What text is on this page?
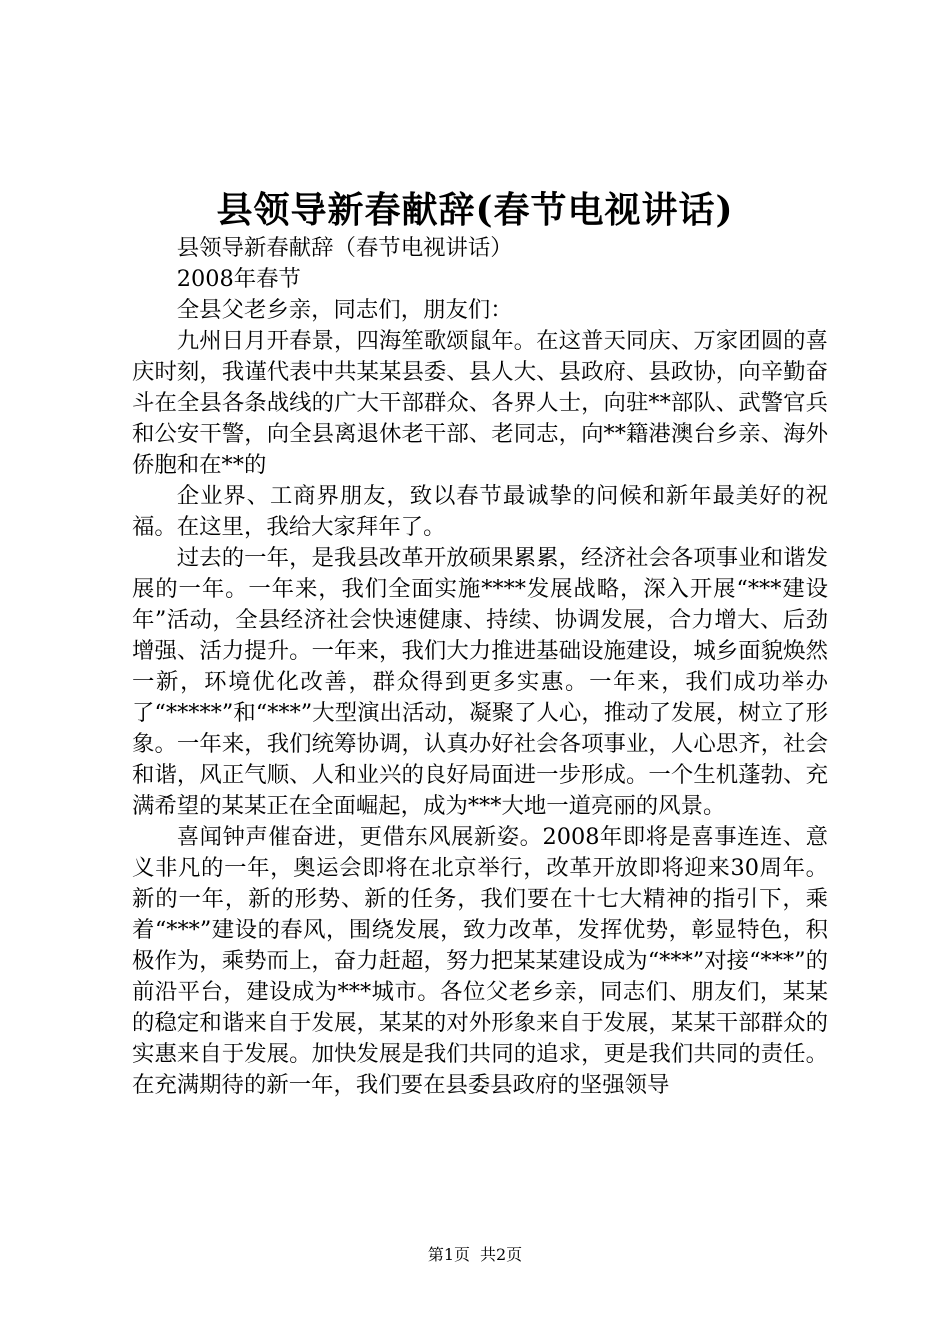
县领导新春献辞(春节电视讲话)

县领导新春献辞（春节电视讲话）

2008年春节

全县父老乡亲，同志们，朋友们：

九州日月开春景，四海笙歌颂鼠年。在这普天同庆、万家团圆的喜庆时刻，我谨代表中共某某县委、县人大、县政府、县政协，向辛勤奋斗在全县各条战线的广大干部群众、各界人士，向驻**部队、武警官兵和公安干警，向全县离退休老干部、老同志，向**籍港澳台乡亲、海外侨胞和在**的

企业界、工商界朋友，致以春节最诚挚的问候和新年最美好的祝福。在这里，我给大家拜年了。

过去的一年，是我县改革开放硕果累累，经济社会各项事业和谐发展的一年。一年来，我们全面实施****发展战略，深入开展“***建设年”活动，全县经济社会快速健康、持续、协调发展，合力增大、后劲增强、活力提升。一年来，我们大力推进基础设施建设，城乡面貌焕然一新，环境优化改善，群众得到更多实惠。一年来，我们成功举办了“*****”和“***”大型演出活动，凝聚了人心，推动了发展，树立了形象。一年来，我们统筹协调，认真办好社会各项事业，人心思齐，社会和谐，风正气顺、人和业兴的良好局面进一步形成。一个生机蓬勃、充满希望的某某正在全面崛起，成为***大地一道亮丽的风景。

喜闻钟声催奋进，更借东风展新姿。2008年即将是喜事连连、意义非凡的一年，奥运会即将在北京举行，改革开放即将迎来30周年。新的一年，新的形势、新的任务，我们要在十七大精神的指引下，乘着“***”建设的春风，围绕发展，致力改革，发挥优势，彰显特色，积极作为，乘势而上，奋力赶超，努力把某某建设成为“***”对接“***”的前沿平台，建设成为***城市。各位父老乡亲，同志们、朋友们，某某的稳定和谐来自于发展，某某的对外形象来自于发展，某某干部群众的实惠来自于发展。加快发展是我们共同的追求，更是我们共同的责任。在充满期待的新一年，我们要在县委县政府的坚强领导

第1页 共2页
